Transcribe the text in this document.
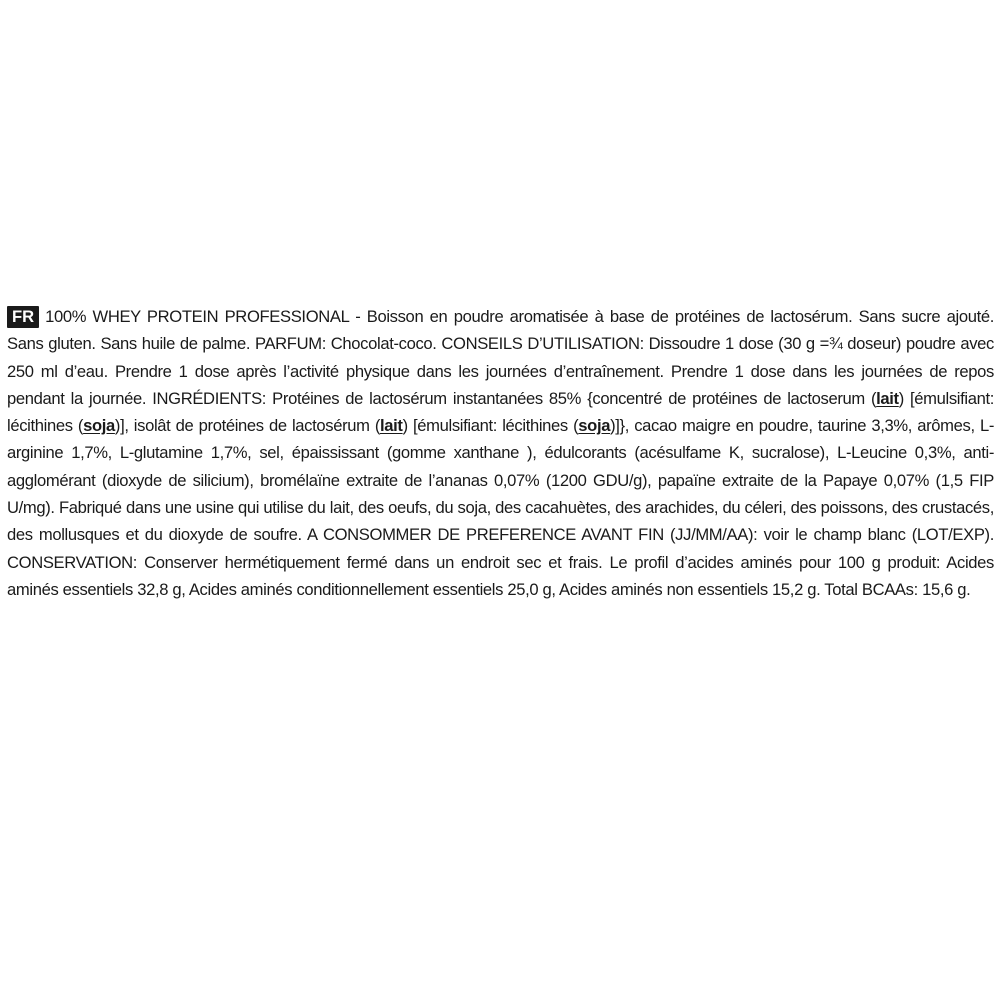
FR 100% WHEY PROTEIN PROFESSIONAL - Boisson en poudre aromatisée à base de protéines de lactosérum. Sans sucre ajouté. Sans gluten. Sans huile de palme. PARFUM: Chocolat-coco. CONSEILS D’UTILISATION: Dissoudre 1 dose (30 g =¾ doseur) poudre avec 250 ml d’eau. Prendre 1 dose après l’activité physique dans les journées d’entraînement. Prendre 1 dose dans les journées de repos pendant la journée. INGRÉDIENTS: Protéines de lactosérum instantanées 85% {concentré de protéines de lactoserum (lait) [émulsifiant: lécithines (soja)], isolât de protéines de lactosérum (lait) [émulsifiant: lécithines (soja)]}, cacao maigre en poudre, taurine 3,3%, arômes, L-arginine 1,7%, L-glutamine 1,7%, sel, épaississant (gomme xanthane ), édulcorants (acésulfame K, sucralose), L-Leucine 0,3%, anti-agglomérant (dioxyde de silicium), bromélaïne extraite de l’ananas 0,07% (1200 GDU/g), papaïne extraite de la Papaye 0,07% (1,5 FIP U/mg). Fabriqué dans une usine qui utilise du lait, des oeufs, du soja, des cacahuètes, des arachides, du céleri, des poissons, des crustacés, des mollusques et du dioxyde de soufre. A CONSOMMER DE PREFERENCE AVANT FIN (JJ/MM/AA): voir le champ blanc (LOT/EXP). CONSERVATION: Conserver hermétiquement fermé dans un endroit sec et frais. Le profil d’acides aminés pour 100 g produit: Acides aminés essentiels 32,8 g, Acides aminés conditionnellement essentiels 25,0 g, Acides aminés non essentiels 15,2 g. Total BCAAs: 15,6 g.
